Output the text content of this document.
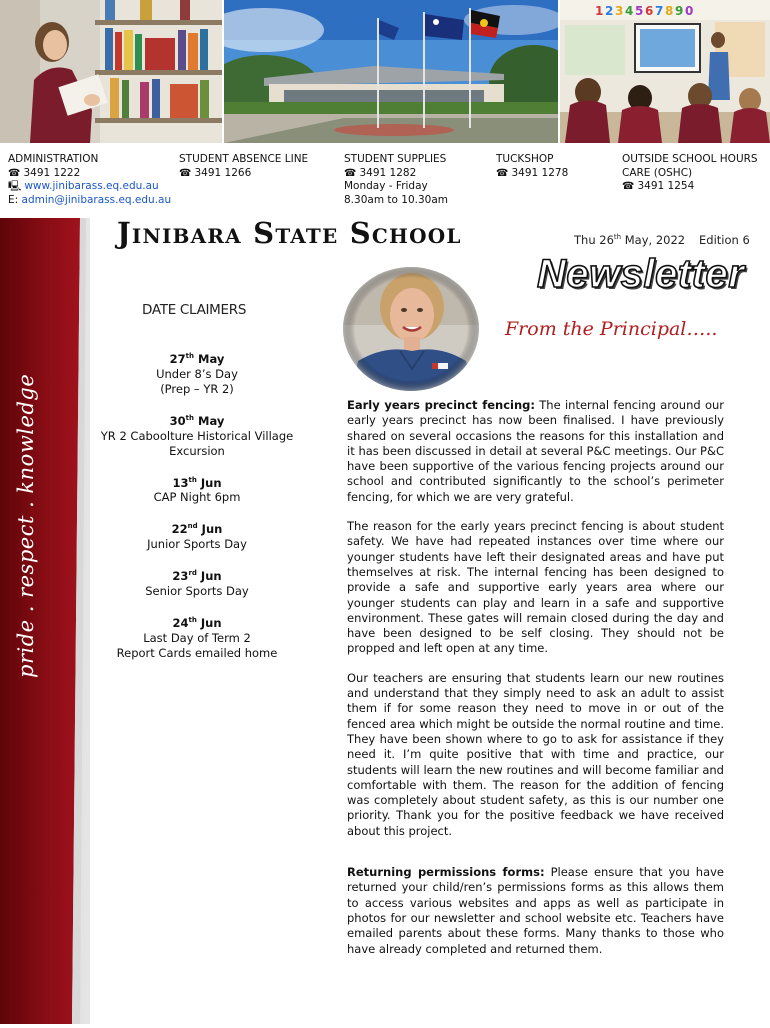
1 2 3 4 5 6 7 8 9 0
ADMINISTRATION
☎ 3491 1222
🖳 www.jinibarass.eq.edu.au
E: admin@jinibarass.eq.edu.au
STUDENT ABSENCE LINE
☎ 3491 1266
STUDENT SUPPLIES
☎ 3491 1282
Monday - Friday
8.30am to 10.30am
TUCKSHOP
☎ 3491 1278
OUTSIDE SCHOOL HOURS
CARE (OSHC)
☎ 3491 1254
pride . respect . knowledge
Jinibara State School	Thu 26th May, 2022 Edition 6
Newsletter
From the Principal…..
DATE CLAIMERS
27th May
Under 8’s Day
(Prep – YR 2)
30th May
YR 2 Caboolture Historical Village
Excursion
13th Jun
CAP Night 6pm
22nd Jun
Junior Sports Day
23rd Jun
Senior Sports Day
24th Jun
Last Day of Term 2
Report Cards emailed home

Early years precinct fencing: The internal fencing around our early years precinct has now been finalised. I have previously shared on several occasions the reasons for this installation and it has been discussed in detail at several P&C meetings. Our P&C have been supportive of the various fencing projects around our school and contributed significantly to the school’s perimeter fencing, for which we are very grateful.

The reason for the early years precinct fencing is about student safety. We have had repeated instances over time where our younger students have left their designated areas and have put themselves at risk. The internal fencing has been designed to provide a safe and supportive early years area where our younger students can play and learn in a safe and supportive environment. These gates will remain closed during the day and have been designed to be self closing. They should not be propped and left open at any time.

Our teachers are ensuring that students learn our new routines and understand that they simply need to ask an adult to assist them if for some reason they need to move in or out of the fenced area which might be outside the normal routine and time. They have been shown where to go to ask for assistance if they need it. I’m quite positive that with time and practice, our students will learn the new routines and will become familiar and comfortable with them. The reason for the addition of fencing was completely about student safety, as this is our number one priority. Thank you for the positive feedback we have received about this project.

Returning permissions forms: Please ensure that you have returned your child/ren’s permissions forms as this allows them to access various websites and apps as well as participate in photos for our newsletter and school website etc. Teachers have emailed parents about these forms. Many thanks to those who have already completed and returned them.
